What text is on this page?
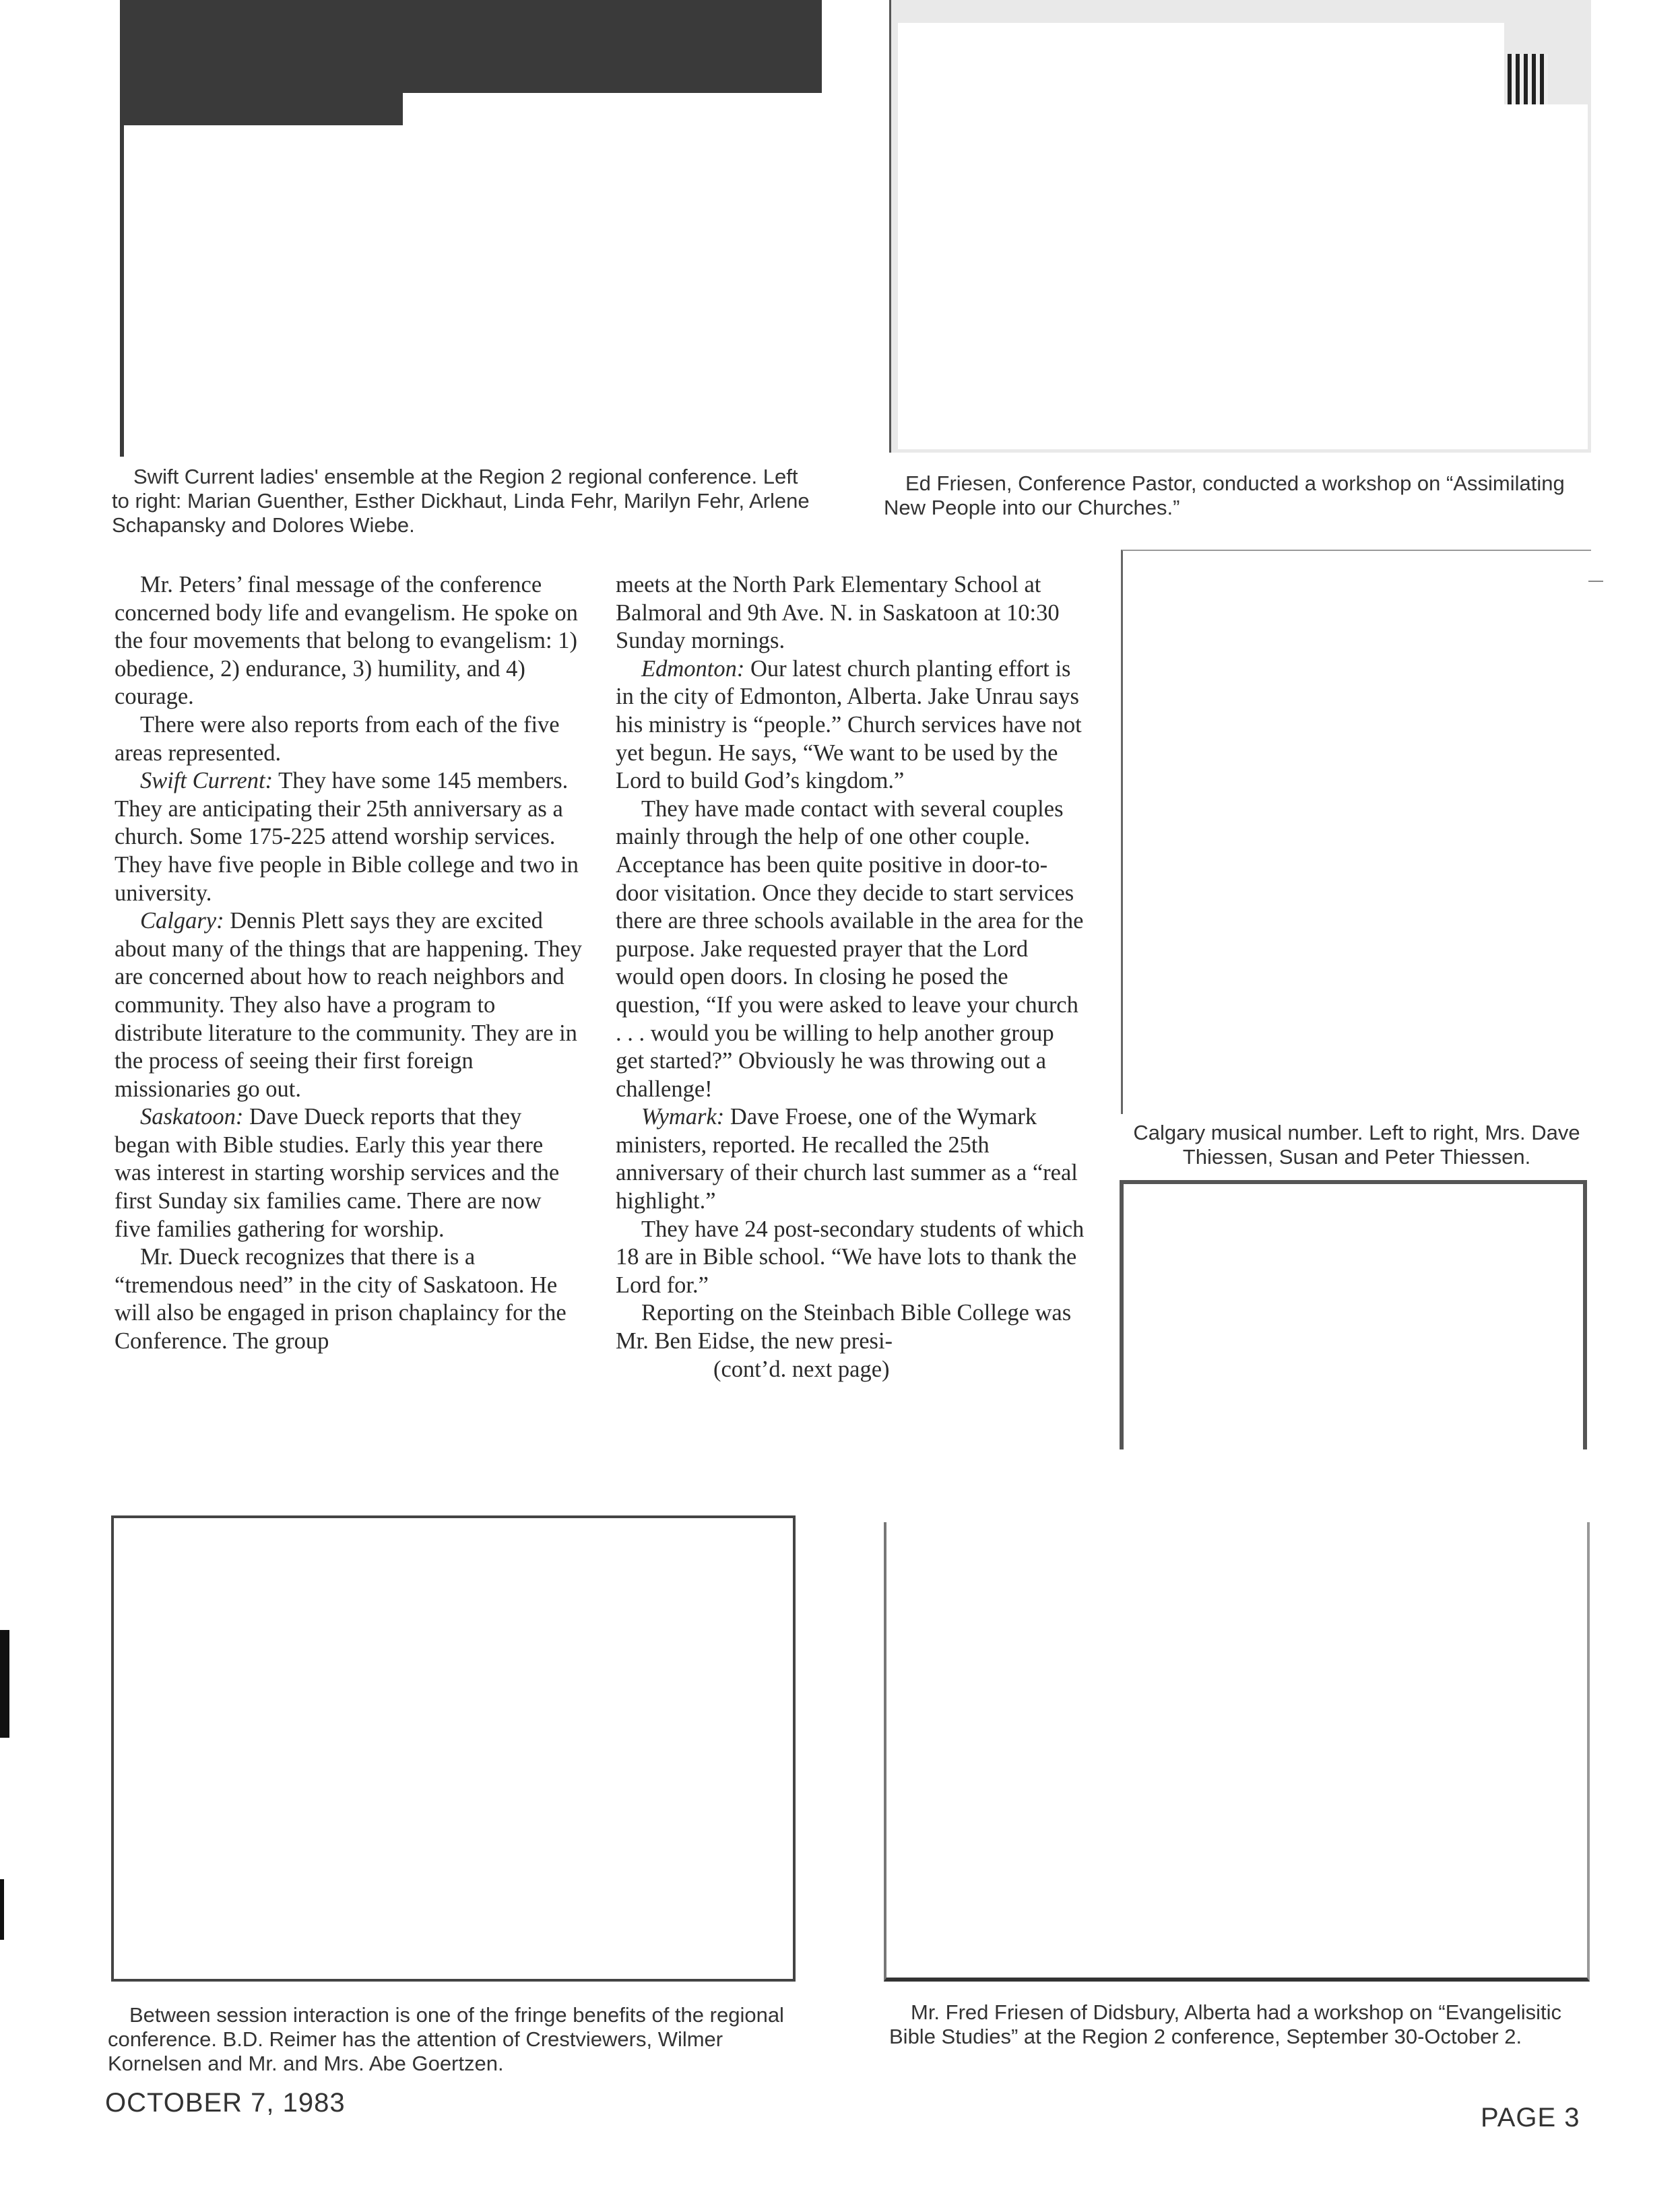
Swift Current ladies' ensemble at the Region 2 regional conference. Left to right: Marian Guenther, Esther Dickhaut, Linda Fehr, Marilyn Fehr, Arlene Schapansky and Dolores Wiebe.

Ed Friesen, Conference Pastor, conducted a workshop on “Assimilating New People into our Churches.”

Mr. Peters’ final message of the conference concerned body life and evangelism. He spoke on the four movements that belong to evangelism: 1) obedience, 2) endurance, 3) humility, and 4) courage.

There were also reports from each of the five areas represented.

Swift Current: They have some 145 members. They are anticipating their 25th anniversary as a church. Some 175-225 attend worship services. They have five people in Bible college and two in university.

Calgary: Dennis Plett says they are excited about many of the things that are happening. They are concerned about how to reach neighbors and community. They also have a program to distribute literature to the community. They are in the process of seeing their first foreign missionaries go out.

Saskatoon: Dave Dueck reports that they began with Bible studies. Early this year there was interest in starting worship services and the first Sunday six families came. There are now five families gathering for worship.

Mr. Dueck recognizes that there is a “tremendous need” in the city of Saskatoon. He will also be engaged in prison chaplaincy for the Conference. The group

meets at the North Park Elementary School at Balmoral and 9th Ave. N. in Saskatoon at 10:30 Sunday mornings.

Edmonton: Our latest church planting effort is in the city of Edmonton, Alberta. Jake Unrau says his ministry is “people.” Church services have not yet begun. He says, “We want to be used by the Lord to build God’s kingdom.”

They have made contact with several couples mainly through the help of one other couple. Acceptance has been quite positive in door-to-door visitation. Once they decide to start services there are three schools available in the area for the purpose. Jake requested prayer that the Lord would open doors. In closing he posed the question, “If you were asked to leave your church . . . would you be willing to help another group get started?” Obviously he was throwing out a challenge!

Wymark: Dave Froese, one of the Wymark ministers, reported. He recalled the 25th anniversary of their church last summer as a “real highlight.”

They have 24 post-secondary students of which 18 are in Bible school. “We have lots to thank the Lord for.”

Reporting on the Steinbach Bible College was Mr. Ben Eidse, the new presi-

(cont’d. next page)

Calgary musical number. Left to right, Mrs. Dave Thiessen, Susan and Peter Thiessen.

Between session interaction is one of the fringe benefits of the regional conference. B.D. Reimer has the attention of Crestviewers, Wilmer Kornelsen and Mr. and Mrs. Abe Goertzen.

Mr. Fred Friesen of Didsbury, Alberta had a workshop on “Evangelisitic Bible Studies” at the Region 2 conference, September 30-October 2.

OCTOBER 7, 1983	PAGE 3
